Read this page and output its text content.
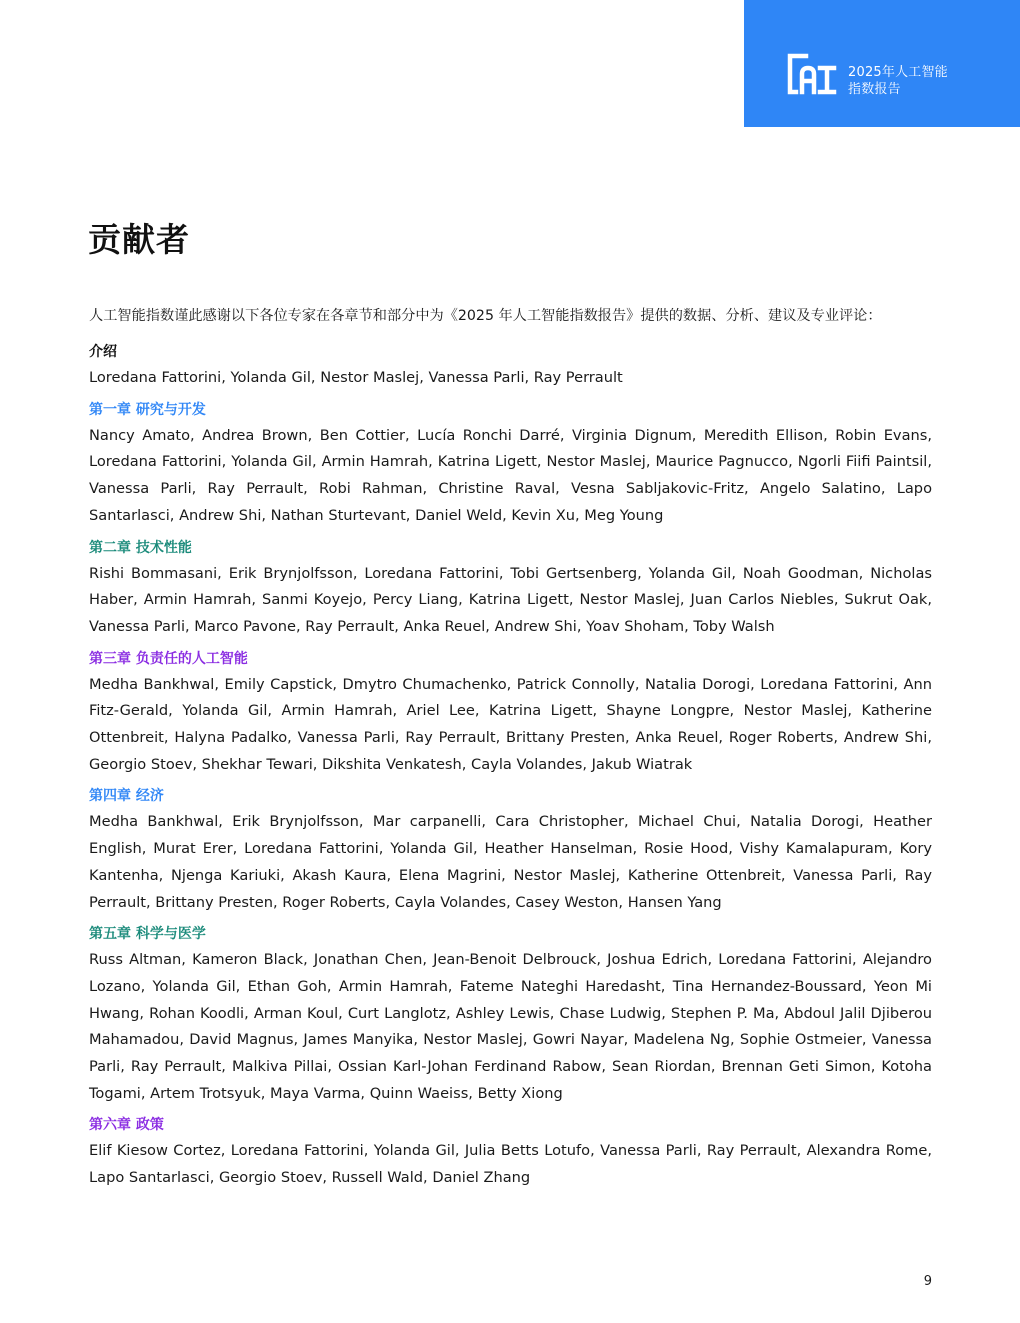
2025年人工智能
指数报告
贡献者

人工智能指数谨此感谢以下各位专家在各章节和部分中为《2025 年人工智能指数报告》提供的数据、分析、建议及专业评论：

介绍

Loredana Fattorini, Yolanda Gil, Nestor Maslej, Vanessa Parli, Ray Perrault

第一章 研究与开发

Nancy Amato, Andrea Brown, Ben Cottier, Lucía Ronchi Darré, Virginia Dignum, Meredith Ellison, Robin Evans, Loredana Fattorini, Yolanda Gil, Armin Hamrah, Katrina Ligett, Nestor Maslej, Maurice Pagnucco, Ngorli Fiifi Paintsil, Vanessa Parli, Ray Perrault, Robi Rahman, Christine Raval, Vesna Sabljakovic-Fritz, Angelo Salatino, Lapo Santarlasci, Andrew Shi, Nathan Sturtevant, Daniel Weld, Kevin Xu, Meg Young

第二章 技术性能

Rishi Bommasani, Erik Brynjolfsson, Loredana Fattorini, Tobi Gertsenberg, Yolanda Gil, Noah Goodman, Nicholas Haber, Armin Hamrah, Sanmi Koyejo, Percy Liang, Katrina Ligett, Nestor Maslej, Juan Carlos Niebles, Sukrut Oak, Vanessa Parli, Marco Pavone, Ray Perrault, Anka Reuel, Andrew Shi, Yoav Shoham, Toby Walsh

第三章 负责任的人工智能

Medha Bankhwal, Emily Capstick, Dmytro Chumachenko, Patrick Connolly, Natalia Dorogi, Loredana Fattorini, Ann Fitz-Gerald, Yolanda Gil, Armin Hamrah, Ariel Lee, Katrina Ligett, Shayne Longpre, Nestor Maslej, Katherine Ottenbreit, Halyna Padalko, Vanessa Parli, Ray Perrault, Brittany Presten, Anka Reuel, Roger Roberts, Andrew Shi, Georgio Stoev, Shekhar Tewari, Dikshita Venkatesh, Cayla Volandes, Jakub Wiatrak

第四章 经济

Medha Bankhwal, Erik Brynjolfsson, Mar carpanelli, Cara Christopher, Michael Chui, Natalia Dorogi, Heather English, Murat Erer, Loredana Fattorini, Yolanda Gil, Heather Hanselman, Rosie Hood, Vishy Kamalapuram, Kory Kantenha, Njenga Kariuki, Akash Kaura, Elena Magrini, Nestor Maslej, Katherine Ottenbreit, Vanessa Parli, Ray Perrault, Brittany Presten, Roger Roberts, Cayla Volandes, Casey Weston, Hansen Yang

第五章 科学与医学

Russ Altman, Kameron Black, Jonathan Chen, Jean-Benoit Delbrouck, Joshua Edrich, Loredana Fattorini, Alejandro Lozano, Yolanda Gil, Ethan Goh, Armin Hamrah, Fateme Nateghi Haredasht, Tina Hernandez-Boussard, Yeon Mi Hwang, Rohan Koodli, Arman Koul, Curt Langlotz, Ashley Lewis, Chase Ludwig, Stephen P. Ma, Abdoul Jalil Djiberou Mahamadou, David Magnus, James Manyika, Nestor Maslej, Gowri Nayar, Madelena Ng, Sophie Ostmeier, Vanessa Parli, Ray Perrault, Malkiva Pillai, Ossian Karl-Johan Ferdinand Rabow, Sean Riordan, Brennan Geti Simon, Kotoha Togami, Artem Trotsyuk, Maya Varma, Quinn Waeiss, Betty Xiong

第六章 政策

Elif Kiesow Cortez, Loredana Fattorini, Yolanda Gil, Julia Betts Lotufo, Vanessa Parli, Ray Perrault, Alexandra Rome, Lapo Santarlasci, Georgio Stoev, Russell Wald, Daniel Zhang

9
